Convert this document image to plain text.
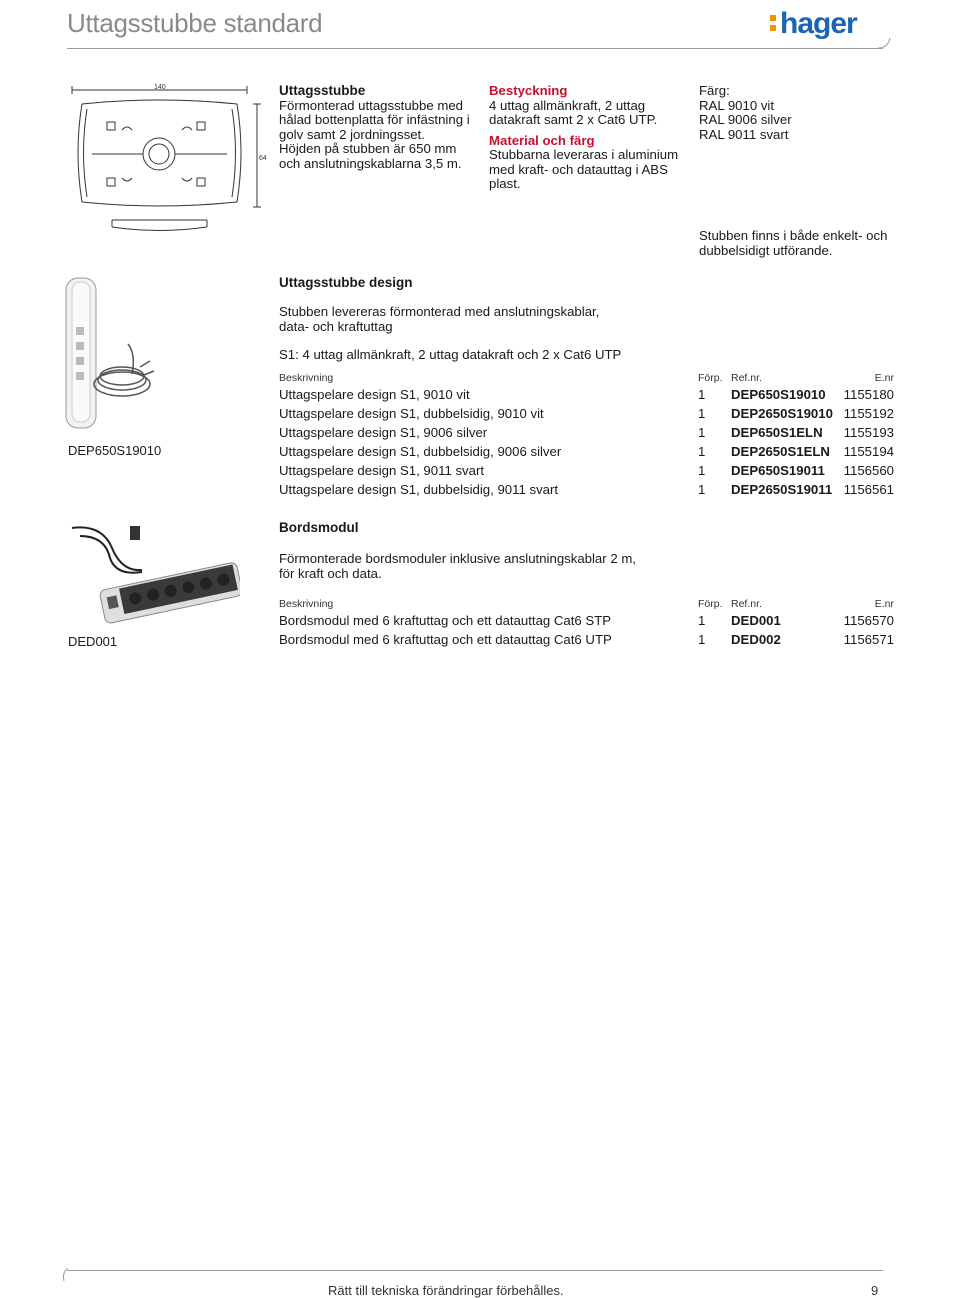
Uttagsstubbe standard	hager
140
64
Uttagsstubbe
Förmonterad uttagsstubbe med
hålad bottenplatta för infästning i
golv samt 2 jordningsset.
Höjden på stubben är 650 mm
och anslutningskablarna 3,5 m.
Bestyckning
4 uttag allmänkraft, 2 uttag
datakraft samt 2 x Cat6 UTP.
Material och färg
Stubbarna leveraras i aluminium
med kraft- och datauttag i ABS
plast.
Färg:
RAL 9010 vit
RAL 9006 silver
RAL 9011 svart
Stubben finns i både enkelt- och
dubbelsidigt utförande.
DEP650S19010
Uttagsstubbe design
Stubben levereras förmonterad med anslutningskablar,
data- och kraftuttag
S1: 4 uttag allmänkraft, 2 uttag datakraft och 2 x Cat6 UTP
Beskrivning	Förp.	Ref.nr.	E.nr
Uttagspelare design S1, 9010 vit	1	DEP650S19010	1155180
Uttagspelare design S1, dubbelsidig, 9010 vit	1	DEP2650S19010	1155192
Uttagspelare design S1, 9006 silver	1	DEP650S1ELN	1155193
Uttagspelare design S1, dubbelsidig, 9006 silver	1	DEP2650S1ELN	1155194
Uttagspelare design S1, 9011 svart	1	DEP650S19011	1156560
Uttagspelare design S1, dubbelsidig, 9011 svart	1	DEP2650S19011	1156561
DED001
Bordsmodul
Förmonterade bordsmoduler inklusive anslutningskablar 2 m,
för kraft och data.
Beskrivning	Förp.	Ref.nr.	E.nr
Bordsmodul med 6 kraftuttag och ett datauttag Cat6 STP	1	DED001	1156570
Bordsmodul med 6 kraftuttag och ett datauttag Cat6 UTP	1	DED002	1156571
Rätt till tekniska förändringar förbehålles.	9
